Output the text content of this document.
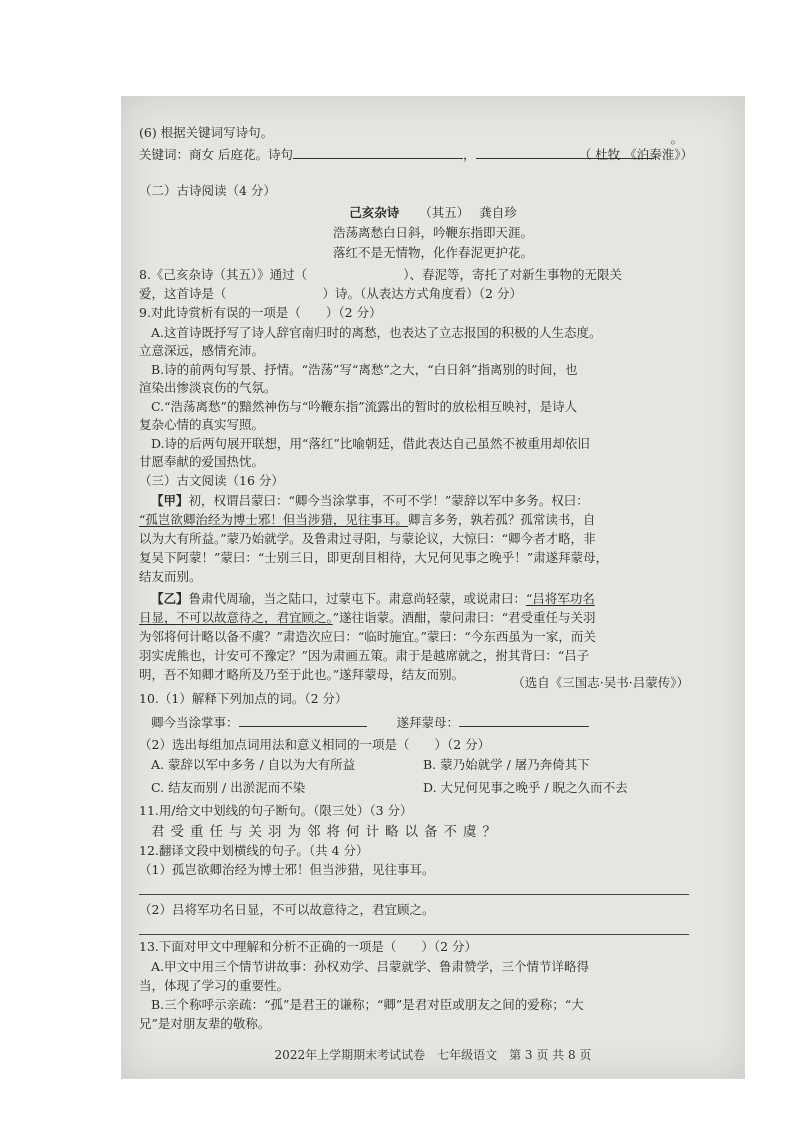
(6) 根据关键词写诗句。
关键词：商女 后庭花。诗句	，
。
（ 杜牧 《泊秦淮》）
（二）古诗阅读（4 分）
己亥杂诗 （其五） 龚自珍
浩荡离愁白日斜，吟鞭东指即天涯。
落红不是无情物，化作春泥更护花。
8.《己亥杂诗（其五）》通过（	）、春泥等，寄托了对新生事物的无限关
爱，这首诗是（	）诗。（从表达方式角度看）（2 分）
9.对此诗赏析有误的一项是（　　）（2 分）
A.这首诗既抒写了诗人辞官南归时的离愁，也表达了立志报国的积极的人生态度。
立意深远，感情充沛。
B.诗的前两句写景、抒情。“浩荡”写“离愁”之大，“白日斜”指离别的时间，也
渲染出惨淡哀伤的气氛。
C.“浩荡离愁”的黯然神伤与“吟鞭东指”流露出的暂时的放松相互映衬，是诗人
复杂心情的真实写照。
D.诗的后两句展开联想，用“落红”比喻朝廷，借此表达自己虽然不被重用却依旧
甘愿奉献的爱国热忱。
（三）古文阅读（16 分）
【甲】初，权谓吕蒙曰：“卿今当涂掌事，不可不学！”蒙辞以军中多务。权曰：
“孤岂欲卿治经为博士邪！但当涉猎，见往事耳。卿言多务，孰若孤？孤常读书，自
以为大有所益。”蒙乃始就学。及鲁肃过寻阳，与蒙论议，大惊曰：“卿今者才略，非
复吴下阿蒙！”蒙曰：“士别三日，即更刮目相待，大兄何见事之晚乎！”肃遂拜蒙母，
结友而别。
【乙】鲁肃代周瑜，当之陆口，过蒙屯下。肃意尚轻蒙，或说肃曰：“吕将军功名
日显，不可以故意待之，君宜顾之。”遂往诣蒙。酒酣，蒙问肃曰：“君受重任与关羽
为邻将何计略以备不虞？”肃造次应曰：“临时施宜。”蒙曰：“今东西虽为一家，而关
羽实虎熊也，计安可不豫定？”因为肃画五策。肃于是越席就之，拊其背曰：“吕子
明，吾不知卿才略所及乃至于此也。”遂拜蒙母，结友而别。
（选自《三国志·吴书·吕蒙传》）
10.（1）解释下列加点的词。（2 分）
卿今当涂掌事：	遂拜蒙母：
（2）选出每组加点词用法和意义相同的一项是（　　）（2 分）
A. 蒙辞以军中多务 / 自以为大有所益	B. 蒙乃始就学 / 屠乃奔倚其下
C. 结友而别 / 出淤泥而不染	D. 大兄何见事之晚乎 / 睨之久而不去
11.用/给文中划线的句子断句。（限三处）（3 分）
君受重任与关羽为邻将何计略以备不虞？
12.翻译文段中划横线的句子。（共 4 分）
（1）孤岂欲卿治经为博士邪！但当涉猎，见往事耳。
（2）吕将军功名日显，不可以故意待之，君宜顾之。
13.下面对甲文中理解和分析不正确的一项是（　　）（2 分）
A.甲文中用三个情节讲故事：孙权劝学、吕蒙就学、鲁肃赞学，三个情节详略得
当，体现了学习的重要性。
B.三个称呼示亲疏：“孤”是君王的谦称；“卿”是君对臣或朋友之间的爱称；“大
兄”是对朋友辈的敬称。
2022年上学期期末考试试卷　七年级语文　第 3 页 共 8 页
